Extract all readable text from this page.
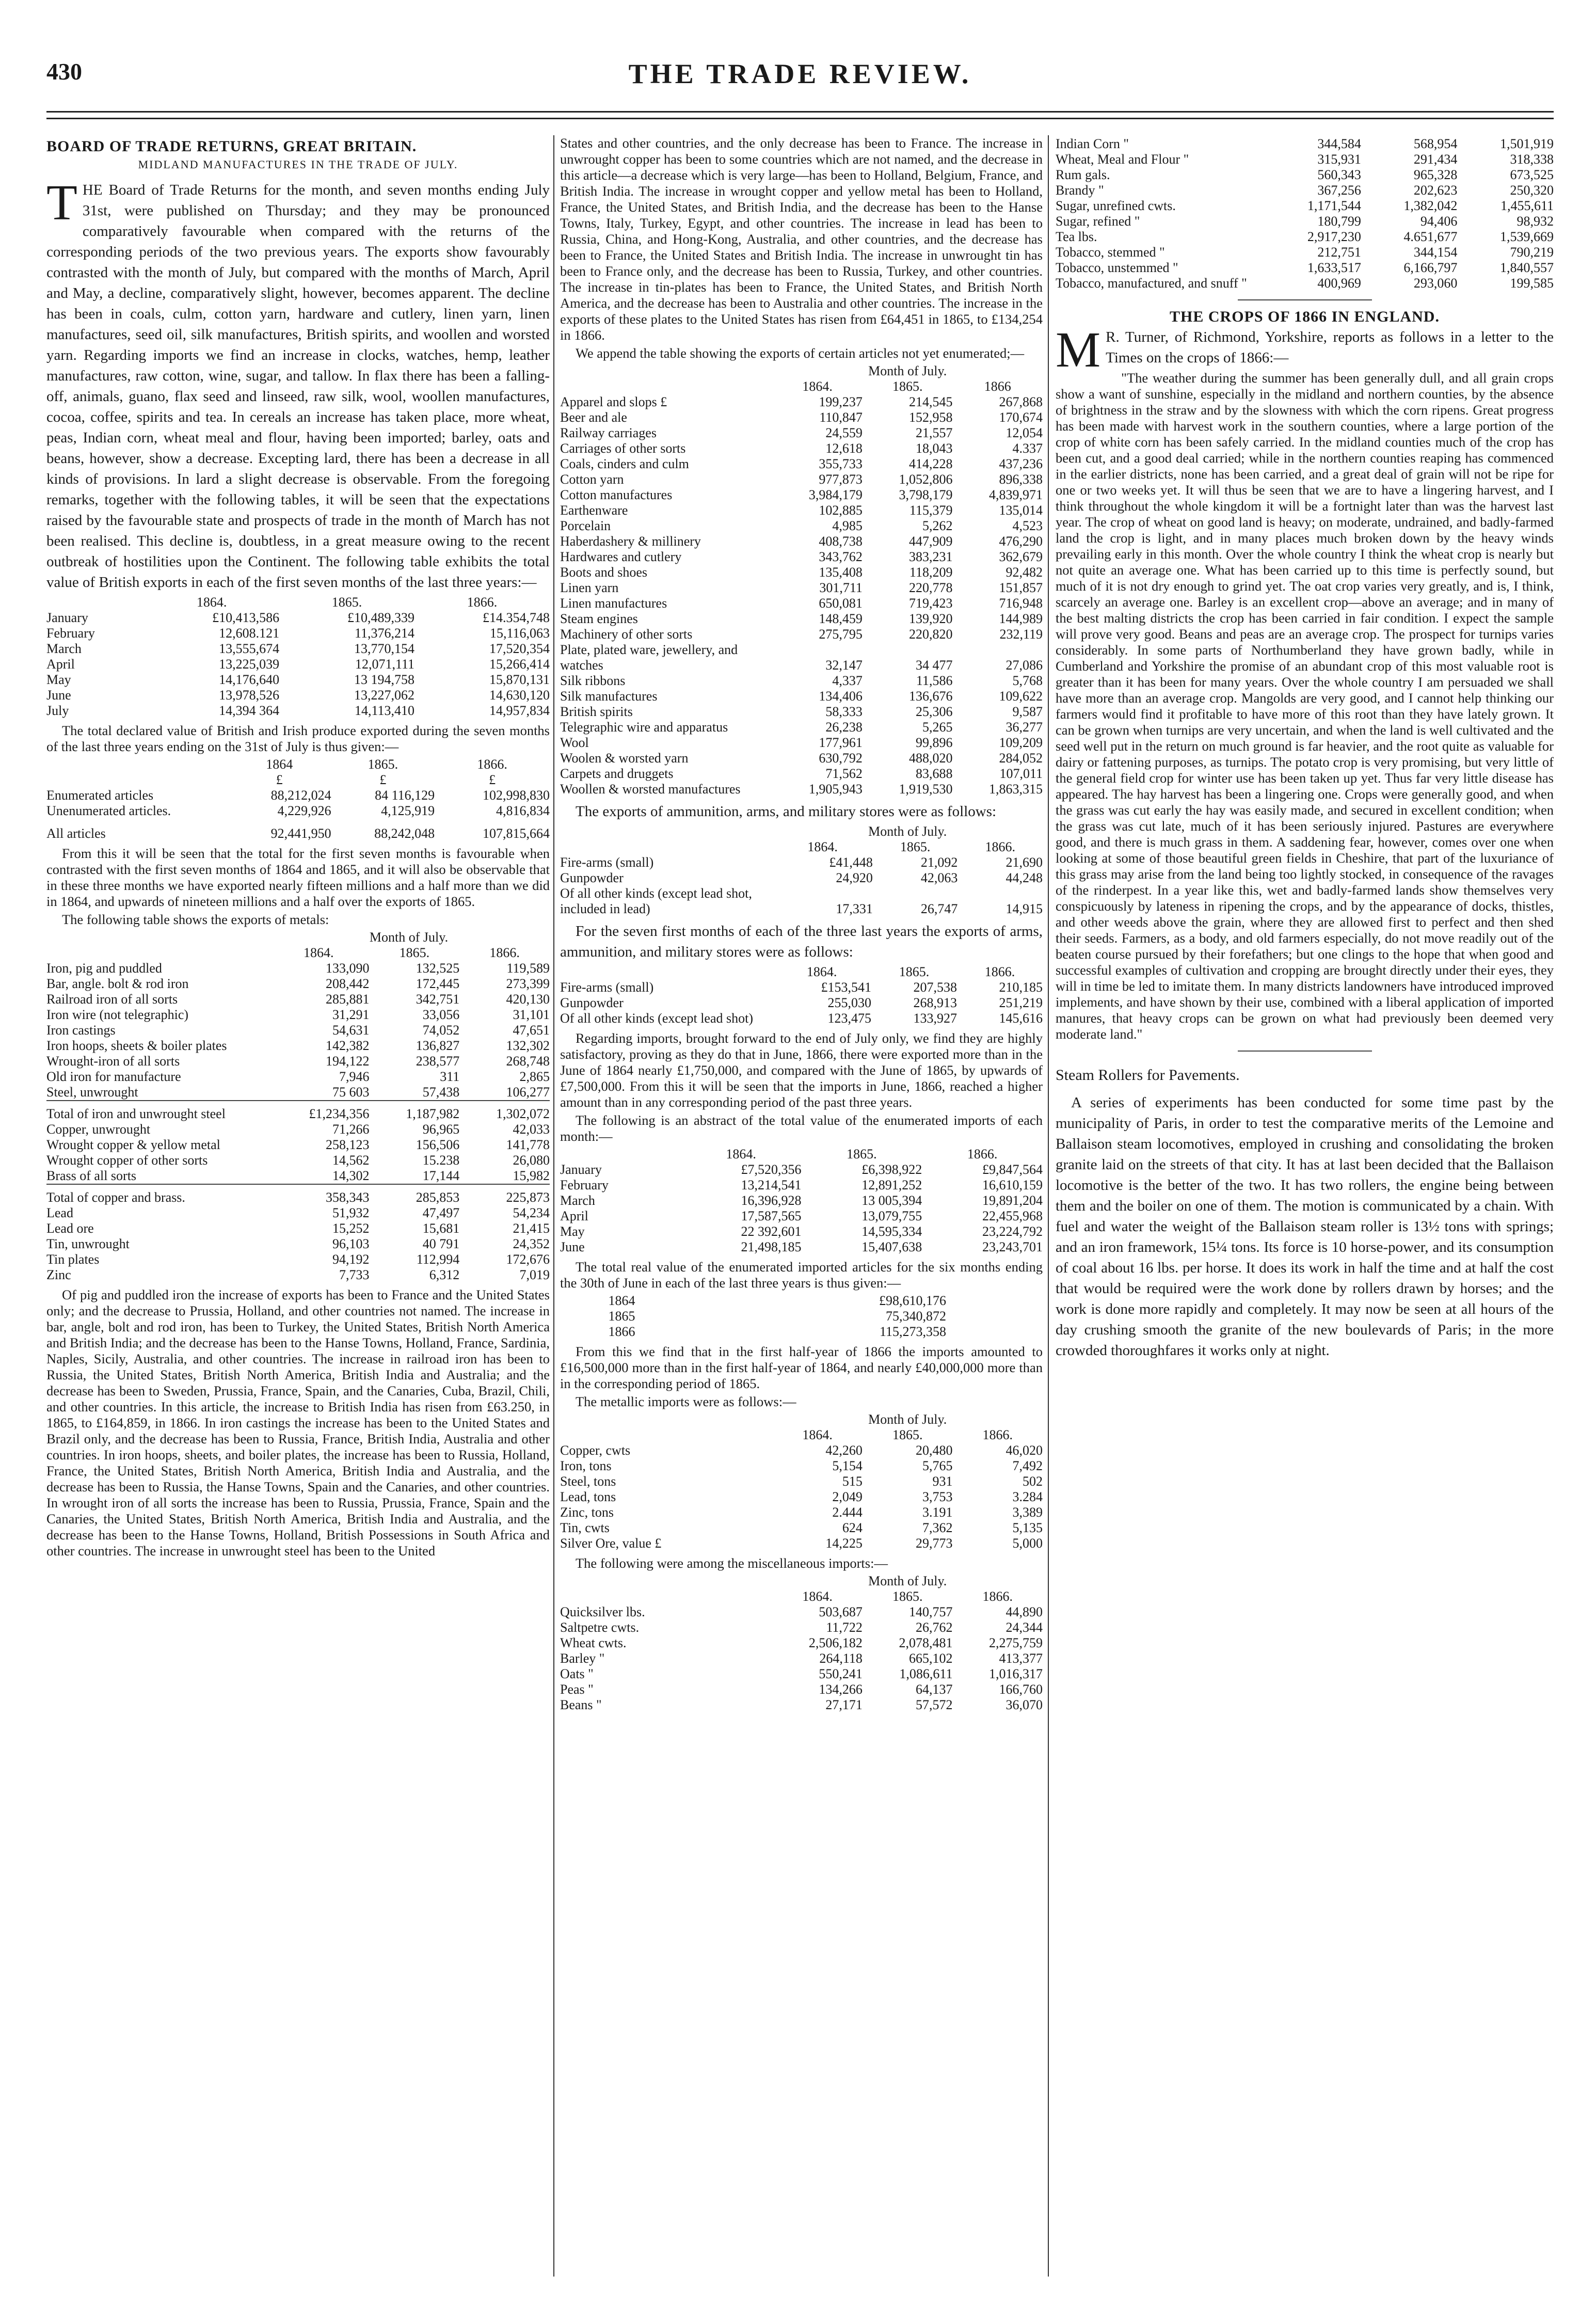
430	THE TRADE REVIEW.
BOARD OF TRADE RETURNS, GREAT BRITAIN.
MIDLAND MANUFACTURES IN THE TRADE OF JULY.

THE Board of Trade Returns for the month, and seven months ending July 31st, were published on Thursday; and they may be pronounced comparatively favourable when compared with the returns of the corresponding periods of the two previous years. The exports show favourably contrasted with the month of July, but compared with the months of March, April and May, a decline, comparatively slight, however, becomes apparent. The decline has been in coals, culm, cotton yarn, hardware and cutlery, linen yarn, linen manufactures, seed oil, silk manufactures, British spirits, and woollen and worsted yarn. Regarding imports we find an increase in clocks, watches, hemp, leather manufactures, raw cotton, wine, sugar, and tallow. In flax there has been a falling-off, animals, guano, flax seed and linseed, raw silk, wool, woollen manufactures, cocoa, coffee, spirits and tea. In cereals an increase has taken place, more wheat, peas, Indian corn, wheat meal and flour, having been imported; barley, oats and beans, however, show a decrease. Excepting lard, there has been a decrease in all kinds of provisions. In lard a slight decrease is observable. From the foregoing remarks, together with the following tables, it will be seen that the expectations raised by the favourable state and prospects of trade in the month of March has not been realised. This decline is, doubtless, in a great measure owing to the recent outbreak of hostilities upon the Continent. The following table exhibits the total value of British exports in each of the first seven months of the last three years:—

	1864.	1865.	1866.
January	£10,413,586	£10,489,339	£14.354,748
February	12,608.121	11,376,214	15,116,063
March	13,555,674	13,770,154	17,520,354
April	13,225,039	12,071,111	15,266,414
May	14,176,640	13 194,758	15,870,131
June	13,978,526	13,227,062	14,630,120
July	14,394 364	14,113,410	14,957,834

The total declared value of British and Irish produce exported during the seven months of the last three years ending on the 31st of July is thus given:—

	1864	1865.	1866.
	£	£	£
Enumerated articles	88,212,024	84 116,129	102,998,830
Unenumerated articles.	4,229,926	4,125,919	4,816,834
All articles	92,441,950	88,242,048	107,815,664

From this it will be seen that the total for the first seven months is favourable when contrasted with the first seven months of 1864 and 1865, and it will also be observable that in these three months we have exported nearly fifteen millions and a half more than we did in 1864, and upwards of nineteen millions and a half over the exports of 1865.

The following table shows the exports of metals:

	Month of July.		
	1864.	1865.	1866.
Iron, pig and puddled	133,090	132,525	119,589
Bar, angle. bolt & rod iron	208,442	172,445	273,399
Railroad iron of all sorts	285,881	342,751	420,130
Iron wire (not telegraphic)	31,291	33,056	31,101
Iron castings	54,631	74,052	47,651
Iron hoops, sheets & boiler plates	142,382	136,827	132,302
Wrought-iron of all sorts	194,122	238,577	268,748
Old iron for manufacture	7,946	311	2,865
Steel, unwrought	75 603	57,438	106,277
Total of iron and unwrought steel	£1,234,356	1,187,982	1,302,072
Copper, unwrought	71,266	96,965	42,033
Wrought copper & yellow metal	258,123	156,506	141,778
Wrought copper of other sorts	14,562	15.238	26,080
Brass of all sorts	14,302	17,144	15,982
Total of copper and brass.	358,343	285,853	225,873
Lead	51,932	47,497	54,234
Lead ore	15,252	15,681	21,415
Tin, unwrought	96,103	40 791	24,352
Tin plates	94,192	112,994	172,676
Zinc	7,733	6,312	7,019

Of pig and puddled iron the increase of exports has been to France and the United States only; and the decrease to Prussia, Holland, and other countries not named. The increase in bar, angle, bolt and rod iron, has been to Turkey, the United States, British North America and British India; and the decrease has been to the Hanse Towns, Holland, France, Sardinia, Naples, Sicily, Australia, and other countries. The increase in railroad iron has been to Russia, the United States, British North America, British India and Australia; and the decrease has been to Sweden, Prussia, France, Spain, and the Canaries, Cuba, Brazil, Chili, and other countries. In this article, the increase to British India has risen from £63.250, in 1865, to £164,859, in 1866. In iron castings the increase has been to the United States and Brazil only, and the decrease has been to Russia, France, British India, Australia and other countries. In iron hoops, sheets, and boiler plates, the increase has been to Russia, Holland, France, the United States, British North America, British India and Australia, and the decrease has been to Russia, the Hanse Towns, Spain and the Canaries, and other countries. In wrought iron of all sorts the increase has been to Russia, Prussia, France, Spain and the Canaries, the United States, British North America, British India and Australia, and the decrease has been to the Hanse Towns, Holland, British Possessions in South Africa and other countries. The increase in unwrought steel has been to the United

States and other countries, and the only decrease has been to France. The increase in unwrought copper has been to some countries which are not named, and the decrease in this article—a decrease which is very large—has been to Holland, Belgium, France, and British India. The increase in wrought copper and yellow metal has been to Holland, France, the United States, and British India, and the decrease has been to the Hanse Towns, Italy, Turkey, Egypt, and other countries. The increase in lead has been to Russia, China, and Hong-Kong, Australia, and other countries, and the decrease has been to France, the United States and British India. The increase in unwrought tin has been to France only, and the decrease has been to Russia, Turkey, and other countries. The increase in tin-plates has been to France, the United States, and British North America, and the decrease has been to Australia and other countries. The increase in the exports of these plates to the United States has risen from £64,451 in 1865, to £134,254 in 1866.

We append the table showing the exports of certain articles not yet enumerated;—

	Month of July.		
	1864.	1865.	1866
Apparel and slops £	199,237	214,545	267,868
Beer and ale	110,847	152,958	170,674
Railway carriages	24,559	21,557	12,054
Carriages of other sorts	12,618	18,043	4.337
Coals, cinders and culm	355,733	414,228	437,236
Cotton yarn	977,873	1,052,806	896,338
Cotton manufactures	3,984,179	3,798,179	4,839,971
Earthenware	102,885	115,379	135,014
Porcelain	4,985	5,262	4,523
Haberdashery & millinery	408,738	447,909	476,290
Hardwares and cutlery	343,762	383,231	362,679
Boots and shoes	135,408	118,209	92,482
Linen yarn	301,711	220,778	151,857
Linen manufactures	650,081	719,423	716,948
Steam engines	148,459	139,920	144,989
Machinery of other sorts	275,795	220,820	232,119
Plate, plated ware, jewellery, and watches	32,147	34 477	27,086
Silk ribbons	4,337	11,586	5,768
Silk manufactures	134,406	136,676	109,622
British spirits	58,333	25,306	9,587
Telegraphic wire and apparatus	26,238	5,265	36,277
Wool	177,961	99,896	109,209
Woolen & worsted yarn	630,792	488,020	284,052
Carpets and druggets	71,562	83,688	107,011
Woollen & worsted manufactures	1,905,943	1,919,530	1,863,315

The exports of ammunition, arms, and military stores were as follows:

	Month of July.		
	1864.	1865.	1866.
Fire-arms (small)	£41,448	21,092	21,690
Gunpowder	24,920	42,063	44,248
Of all other kinds (except lead shot, included in lead)	17,331	26,747	14,915

For the seven first months of each of the three last years the exports of arms, ammunition, and military stores were as follows:

	1864.	1865.	1866.
Fire-arms (small)	£153,541	207,538	210,185
Gunpowder	255,030	268,913	251,219
Of all other kinds (except lead shot)	123,475	133,927	145,616

Regarding imports, brought forward to the end of July only, we find they are highly satisfactory, proving as they do that in June, 1866, there were exported more than in the June of 1864 nearly £1,750,000, and compared with the June of 1865, by upwards of £7,500,000. From this it will be seen that the imports in June, 1866, reached a higher amount than in any corresponding period of the past three years.

The following is an abstract of the total value of the enumerated imports of each month:—

	1864.	1865.	1866.
January	£7,520,356	£6,398,922	£9,847,564
February	13,214,541	12,891,252	16,610,159
March	16,396,928	13 005,394	19,891,204
April	17,587,565	13,079,755	22,455,968
May	22 392,601	14,595,334	23,224,792
June	21,498,185	15,407,638	23,243,701

The total real value of the enumerated imported articles for the six months ending the 30th of June in each of the last three years is thus given:—

1864	£98,610,176
1865	75,340,872
1866	115,273,358

From this we find that in the first half-year of 1866 the imports amounted to £16,500,000 more than in the first half-year of 1864, and nearly £40,000,000 more than in the corresponding period of 1865.

The metallic imports were as follows:—

	Month of July.		
	1864.	1865.	1866.
Copper, cwts	42,260	20,480	46,020
Iron, tons	5,154	5,765	7,492
Steel, tons	515	931	502
Lead, tons	2,049	3,753	3.284
Zinc, tons	2.444	3.191	3,389
Tin, cwts	624	7,362	5,135
Silver Ore, value £	14,225	29,773	5,000

The following were among the miscellaneous imports:—

	Month of July.		
	1864.	1865.	1866.
Quicksilver lbs.	503,687	140,757	44,890
Saltpetre cwts.	11,722	26,762	24,344
Wheat cwts.	2,506,182	2,078,481	2,275,759
Barley "	264,118	665,102	413,377
Oats "	550,241	1,086,611	1,016,317
Peas "	134,266	64,137	166,760
Beans "	27,171	57,572	36,070
Indian Corn "	344,584	568,954	1,501,919
Wheat, Meal and Flour "	315,931	291,434	318,338
Rum gals.	560,343	965,328	673,525
Brandy "	367,256	202,623	250,320
Sugar, unrefined cwts.	1,171,544	1,382,042	1,455,611
Sugar, refined "	180,799	94,406	98,932
Tea lbs.	2,917,230	4.651,677	1,539,669
Tobacco, stemmed "	212,751	344,154	790,219
Tobacco, unstemmed "	1,633,517	6,166,797	1,840,557
Tobacco, manufactured, and snuff "	400,969	293,060	199,585
THE CROPS OF 1866 IN ENGLAND.

M R. Turner, of Richmond, Yorkshire, reports as follows in a letter to the Times on the crops of 1866:—

"The weather during the summer has been generally dull, and all grain crops show a want of sunshine, especially in the midland and northern counties, by the absence of brightness in the straw and by the slowness with which the corn ripens. Great progress has been made with harvest work in the southern counties, where a large portion of the crop of white corn has been safely carried. In the midland counties much of the crop has been cut, and a good deal carried; while in the northern counties reaping has commenced in the earlier districts, none has been carried, and a great deal of grain will not be ripe for one or two weeks yet. It will thus be seen that we are to have a lingering harvest, and I think throughout the whole kingdom it will be a fortnight later than was the harvest last year. The crop of wheat on good land is heavy; on moderate, undrained, and badly-farmed land the crop is light, and in many places much broken down by the heavy winds prevailing early in this month. Over the whole country I think the wheat crop is nearly but not quite an average one. What has been carried up to this time is perfectly sound, but much of it is not dry enough to grind yet. The oat crop varies very greatly, and is, I think, scarcely an average one. Barley is an excellent crop—above an average; and in many of the best malting districts the crop has been carried in fair condition. I expect the sample will prove very good. Beans and peas are an average crop. The prospect for turnips varies considerably. In some parts of Northumberland they have grown badly, while in Cumberland and Yorkshire the promise of an abundant crop of this most valuable root is greater than it has been for many years. Over the whole country I am persuaded we shall have more than an average crop. Mangolds are very good, and I cannot help thinking our farmers would find it profitable to have more of this root than they have lately grown. It can be grown when turnips are very uncertain, and when the land is well cultivated and the seed well put in the return on much ground is far heavier, and the root quite as valuable for dairy or fattening purposes, as turnips. The potato crop is very promising, but very little of the general field crop for winter use has been taken up yet. Thus far very little disease has appeared. The hay harvest has been a lingering one. Crops were generally good, and when the grass was cut early the hay was easily made, and secured in excellent condition; when the grass was cut late, much of it has been seriously injured. Pastures are everywhere good, and there is much grass in them. A saddening fear, however, comes over one when looking at some of those beautiful green fields in Cheshire, that part of the luxuriance of this grass may arise from the land being too lightly stocked, in consequence of the ravages of the rinderpest. In a year like this, wet and badly-farmed lands show themselves very conspicuously by lateness in ripening the crops, and by the appearance of docks, thistles, and other weeds above the grain, where they are allowed first to perfect and then shed their seeds. Farmers, as a body, and old farmers especially, do not move readily out of the beaten course pursued by their forefathers; but one clings to the hope that when good and successful examples of cultivation and cropping are brought directly under their eyes, they will in time be led to imitate them. In many districts landowners have introduced improved implements, and have shown by their use, combined with a liberal application of imported manures, that heavy crops can be grown on what had previously been deemed very moderate land."

Steam Rollers for Pavements.

A series of experiments has been conducted for some time past by the municipality of Paris, in order to test the comparative merits of the Lemoine and Ballaison steam locomotives, employed in crushing and consolidating the broken granite laid on the streets of that city. It has at last been decided that the Ballaison locomotive is the better of the two. It has two rollers, the engine being between them and the boiler on one of them. The motion is communicated by a chain. With fuel and water the weight of the Ballaison steam roller is 13½ tons with springs; and an iron framework, 15¼ tons. Its force is 10 horse-power, and its consumption of coal about 16 lbs. per horse. It does its work in half the time and at half the cost that would be required were the work done by rollers drawn by horses; and the work is done more rapidly and completely. It may now be seen at all hours of the day crushing smooth the granite of the new boulevards of Paris; in the more crowded thoroughfares it works only at night.
